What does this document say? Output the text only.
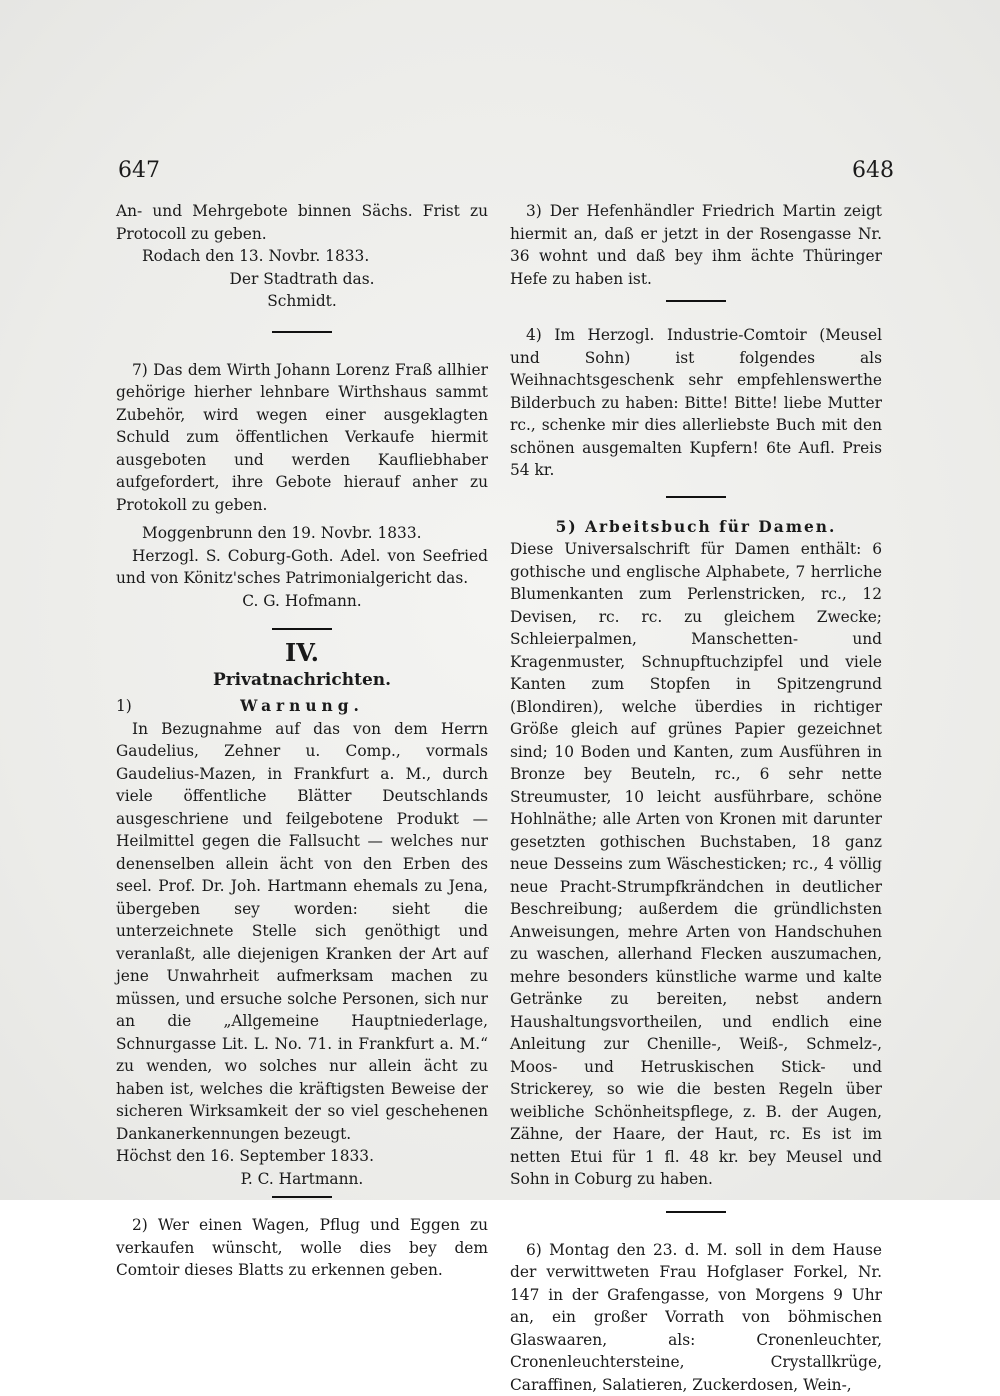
647	648

An- und Mehrgebote binnen Sächs. Frist zu Protocoll zu geben.

Rodach den 13. Novbr. 1833.

Der Stadtrath das.

Schmidt.

7) Das dem Wirth Johann Lorenz Fraß allhier gehörige hierher lehnbare Wirthshaus sammt Zubehör, wird wegen einer ausgeklagten Schuld zum öffentlichen Verkaufe hiermit ausgeboten und werden Kaufliebhaber aufgefordert, ihre Gebote hierauf anher zu Protokoll zu geben.

Moggenbrunn den 19. Novbr. 1833.

Herzogl. S. Coburg-Goth. Adel. von Seefried und von Könitz'sches Patrimonialgericht das.

C. G. Hofmann.

IV.
Privatnachrichten.
1)	Warnung.

In Bezugnahme auf das von dem Herrn Gaudelius, Zehner u. Comp., vormals Gaudelius-Mazen, in Frankfurt a. M., durch viele öffentliche Blätter Deutschlands ausgeschriene und feilgebotene Produkt — Heilmittel gegen die Fallsucht — welches nur denenselben allein ächt von den Erben des seel. Prof. Dr. Joh. Hartmann ehemals zu Jena, übergeben sey worden: sieht die unterzeichnete Stelle sich genöthigt und veranlaßt, alle diejenigen Kranken der Art auf jene Unwahrheit aufmerksam machen zu müssen, und ersuche solche Personen, sich nur an die „Allgemeine Hauptniederlage, Schnurgasse Lit. L. No. 71. in Frankfurt a. M.“ zu wenden, wo solches nur allein ächt zu haben ist, welches die kräftigsten Beweise der sicheren Wirksamkeit der so viel geschehenen Dankanerkennungen bezeugt.

Höchst den 16. September 1833.

P. C. Hartmann.

2) Wer einen Wagen, Pflug und Eggen zu verkaufen wünscht, wolle dies bey dem Comtoir dieses Blatts zu erkennen geben.

3) Der Hefenhändler Friedrich Martin zeigt hiermit an, daß er jetzt in der Rosengasse Nr. 36 wohnt und daß bey ihm ächte Thüringer Hefe zu haben ist.

4) Im Herzogl. Industrie-Comtoir (Meusel und Sohn) ist folgendes als Weihnachtsgeschenk sehr empfehlenswerthe Bilderbuch zu haben: Bitte! Bitte! liebe Mutter rc., schenke mir dies allerliebste Buch mit den schönen ausgemalten Kupfern! 6te Aufl. Preis 54 kr.

5) Arbeitsbuch für Damen.

Diese Universalschrift für Damen enthält: 6 gothische und englische Alphabete, 7 herrliche Blumenkanten zum Perlenstricken, rc., 12 Devisen, rc. rc. zu gleichem Zwecke; Schleierpalmen, Manschetten- und Kragenmuster, Schnupftuchzipfel und viele Kanten zum Stopfen in Spitzengrund (Blondiren), welche überdies in richtiger Größe gleich auf grünes Papier gezeichnet sind; 10 Boden und Kanten, zum Ausführen in Bronze bey Beuteln, rc., 6 sehr nette Streumuster, 10 leicht ausführbare, schöne Hohlnäthe; alle Arten von Kronen mit darunter gesetzten gothischen Buchstaben, 18 ganz neue Desseins zum Wäschesticken; rc., 4 völlig neue Pracht-Strumpfkrändchen in deutlicher Beschreibung; außerdem die gründlichsten Anweisungen, mehre Arten von Handschuhen zu waschen, allerhand Flecken auszumachen, mehre besonders künstliche warme und kalte Getränke zu bereiten, nebst andern Haushaltungsvortheilen, und endlich eine Anleitung zur Chenille-, Weiß-, Schmelz-, Moos- und Hetruskischen Stick- und Strickerey, so wie die besten Regeln über weibliche Schönheitspflege, z. B. der Augen, Zähne, der Haare, der Haut, rc. Es ist im netten Etui für 1 fl. 48 kr. bey Meusel und Sohn in Coburg zu haben.

6) Montag den 23. d. M. soll in dem Hause der verwittweten Frau Hofglaser Forkel, Nr. 147 in der Grafengasse, von Morgens 9 Uhr an, ein großer Vorrath von böhmischen Glaswaaren, als: Cronenleuchter, Cronenleuchtersteine, Crystallkrüge, Caraffinen, Salatieren, Zuckerdosen, Wein-,
